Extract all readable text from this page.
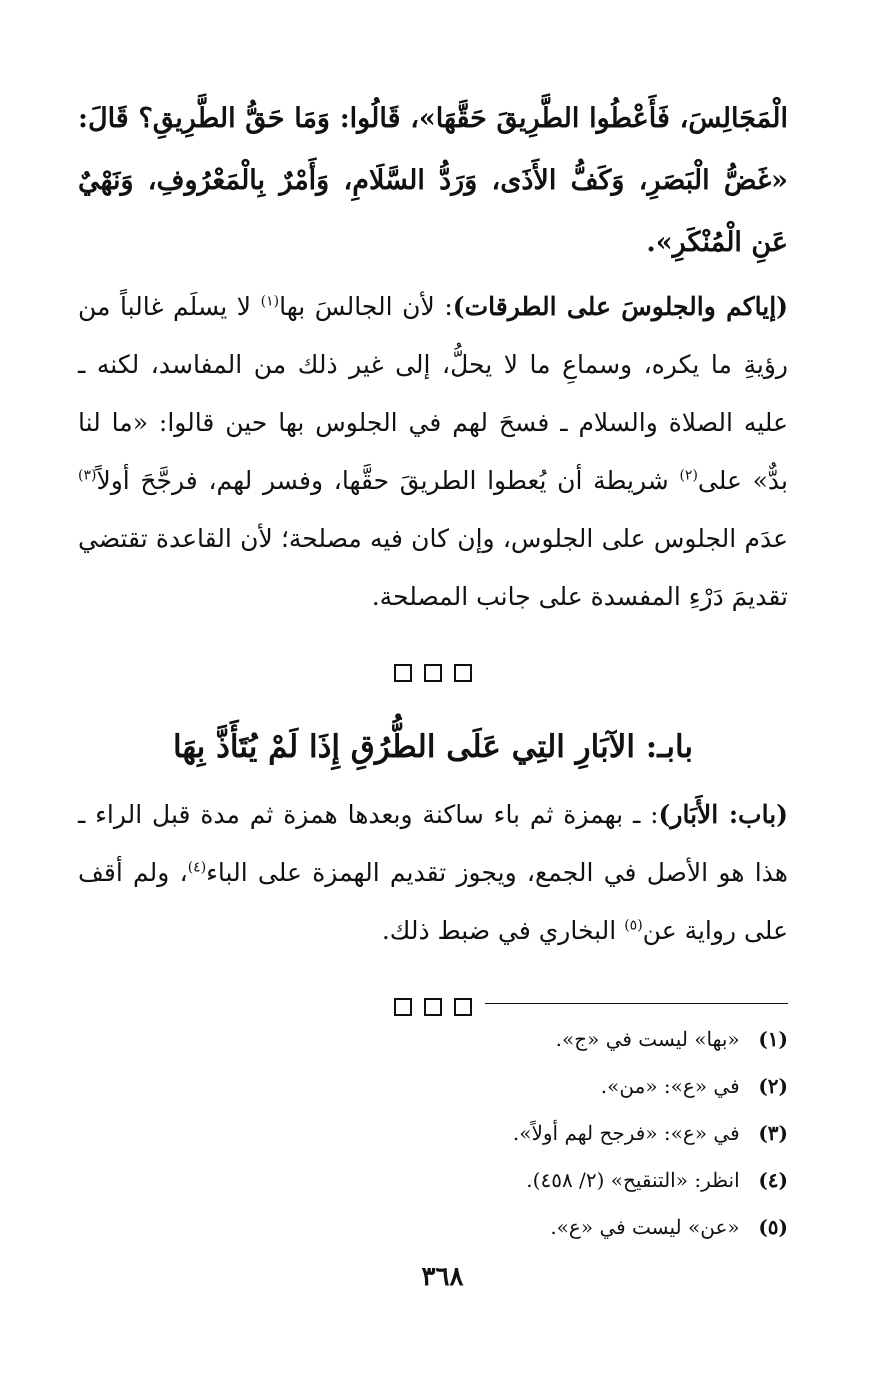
الْمَجَالِسَ، فَأَعْطُوا الطَّرِيقَ حَقَّهَا»، قَالُوا: وَمَا حَقُّ الطَّرِيقِ؟ قَالَ: «غَضُّ الْبَصَرِ، وَكَفُّ الأَذَى، وَرَدُّ السَّلَامِ، وَأَمْرٌ بِالْمَعْرُوفِ، وَنَهْيٌ عَنِ الْمُنْكَرِ».

(إياكم والجلوسَ على الطرقات): لأن الجالسَ بها$^{(١)}$ لا يسلَم غالباً من رؤيةِ ما يكره، وسماعِ ما لا يحلُّ، إلى غير ذلك من المفاسد، لكنه ـ عليه الصلاة والسلام ـ فسحَ لهم في الجلوس بها حين قالوا: «ما لنا بدٌّ» على$^{(٢)}$ شريطة أن يُعطوا الطريقَ حقَّها، وفسر لهم، فرجَّحَ أولاً$^{(٣)}$ عدَم الجلوس على الجلوس، وإن كان فيه مصلحة؛ لأن القاعدة تقتضي تقديمَ دَرْءِ المفسدة على جانب المصلحة.

بابـ: الآبَارِ التِي عَلَى الطُّرُقِ إِذَا لَمْ يُتَأَذَّ بِهَا

(باب: الأَبَار): ـ بهمزة ثم باء ساكنة وبعدها همزة ثم مدة قبل الراء ـ هذا هو الأصل في الجمع، ويجوز تقديم الهمزة على الباء$^{(٤)}$، ولم أقف على رواية عن$^{(٥)}$ البخاري في ضبط ذلك.

(١) «بها» ليست في «ج».
(٢) في «ع»: «من».
(٣) في «ع»: «فرجح لهم أولاً».
(٤) انظر: «التنقيح» (٢/ ٤٥٨).
(٥) «عن» ليست في «ع».
٣٦٨
